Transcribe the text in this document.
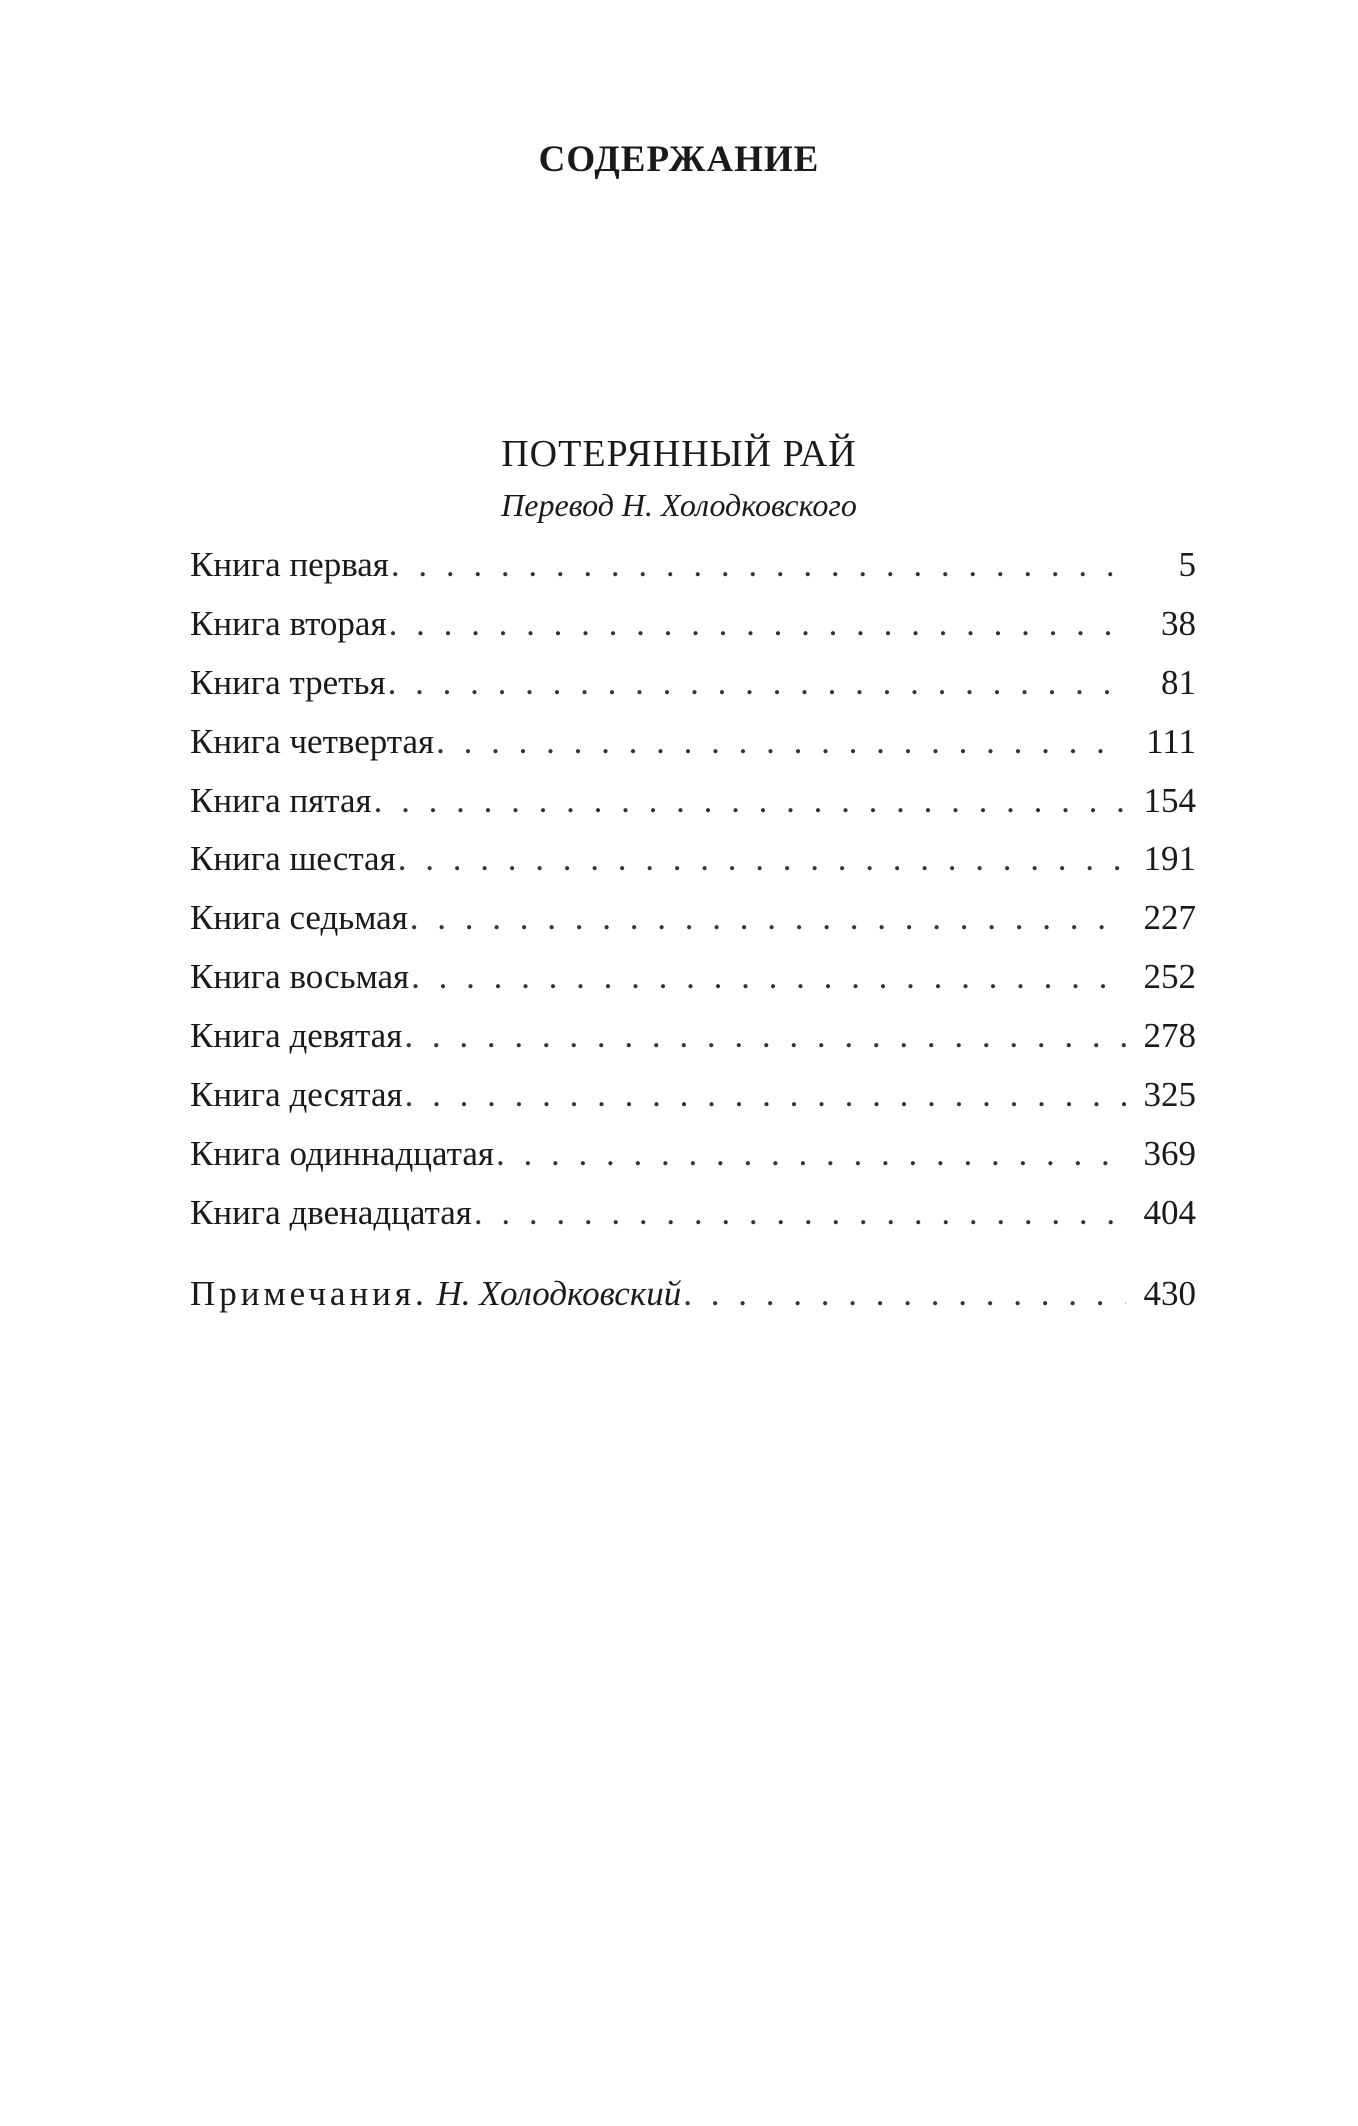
СОДЕРЖАНИЕ
ПОТЕРЯННЫЙ РАЙ
Перевод Н. Холодковского
Книга первая . . .	5
Книга вторая . . .	38
Книга третья . . .	81
Книга четвертая . . .	111
Книга пятая . . .	154
Книга шестая . . .	191
Книга седьмая . . .	227
Книга восьмая . . .	252
Книга девятая . . .	278
Книга десятая . . .	325
Книга одиннадцатая . . .	369
Книга двенадцатая . . .	404
Примечания. Н. Холодковский . . .	430
